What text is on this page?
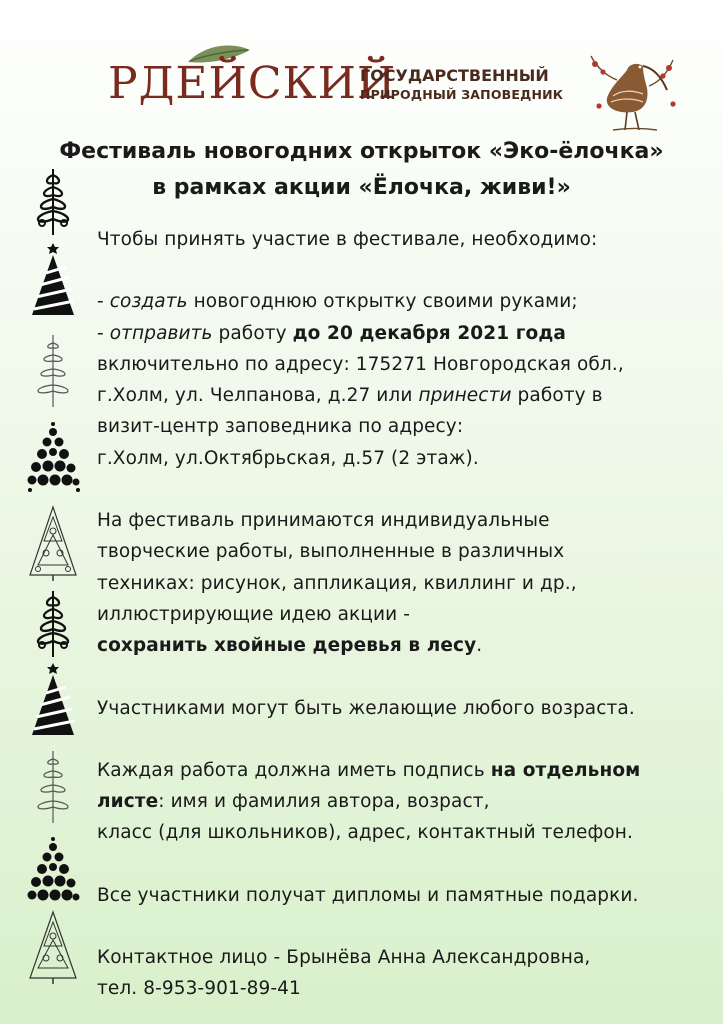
РДЕЙСКИЙ
ГОСУДАРСТВЕННЫЙ
ПРИРОДНЫЙ ЗАПОВЕДНИК
Фестиваль новогодних открыток «Эко-ёлочка»
в рамках акции «Ёлочка, живи!»

Чтобы принять участие в фестивале, необходимо:

- создать новогоднюю открытку своими руками;

- отправить работу до 20 декабря 2021 года

включительно по адресу: 175271 Новгородская обл.,

г.Холм, ул. Челпанова, д.27 или принести работу в

визит-центр заповедника по адресу:

г.Холм, ул.Октябрьская, д.57 (2 этаж).

На фестиваль принимаются индивидуальные

творческие работы, выполненные в различных

техниках: рисунок, аппликация, квиллинг и др.,

иллюстрирующие идею акции -

сохранить хвойные деревья в лесу.

Участниками могут быть желающие любого возраста.

Каждая работа должна иметь подпись на отдельном

листе: имя и фамилия автора, возраст,

класс (для школьников), адрес, контактный телефон.

Все участники получат дипломы и памятные подарки.

Контактное лицо - Брынёва Анна Александровна,

тел. 8-953-901-89-41
